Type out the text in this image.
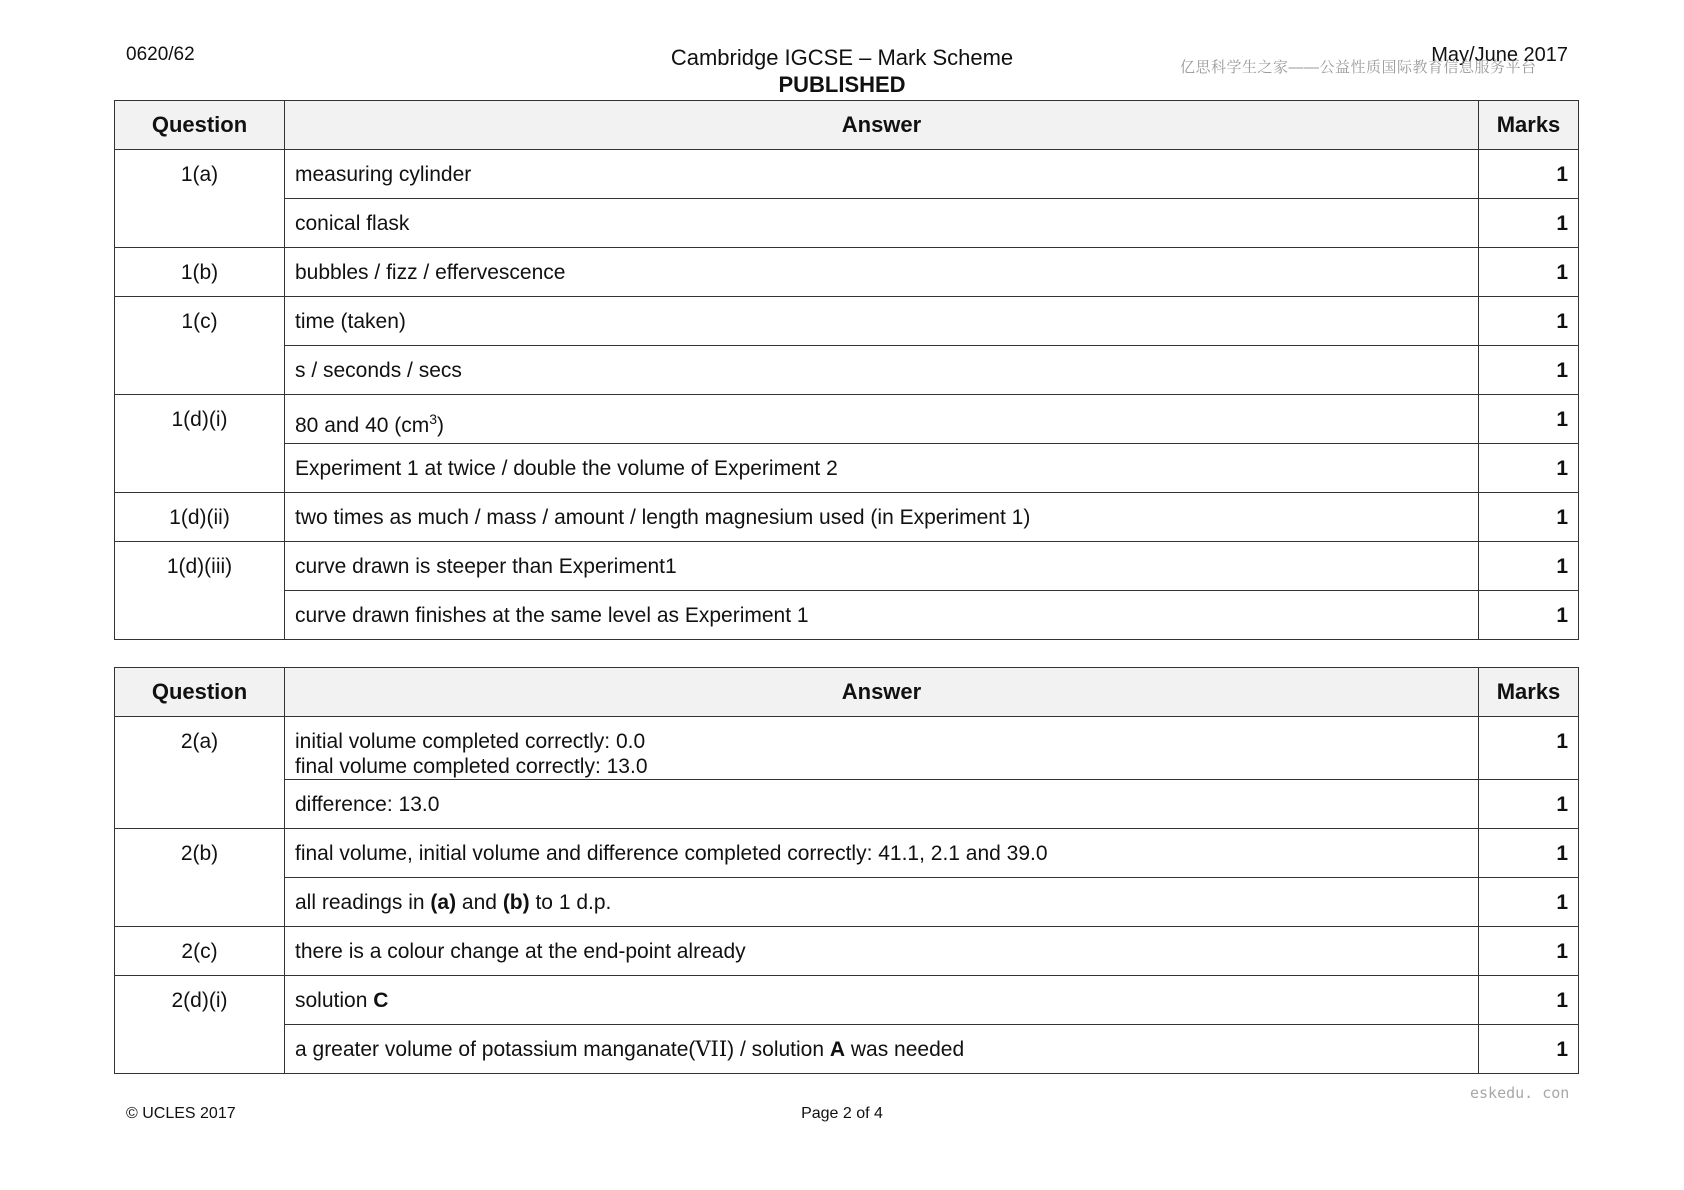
0620/62	Cambridge IGCSE – Mark Scheme
PUBLISHED
May/June 2017
亿思科学生之家——公益性质国际教育信息服务平台
Question	Answer	Marks
1(a)	measuring cylinder	1
	conical flask	1
1(b)	bubbles / fizz / effervescence	1
1(c)	time (taken)	1
	s / seconds / secs	1
1(d)(i)	80 and 40 $(cm^3)$	1
	Experiment 1 at twice / double the volume of Experiment 2	1
1(d)(ii)	two times as much / mass / amount / length magnesium used (in Experiment 1)	1
1(d)(iii)	curve drawn is steeper than Experiment1	1
	curve drawn finishes at the same level as Experiment 1	1
Question	Answer	Marks
2(a)	initial volume completed correctly: 0.0
final volume completed correctly: 13.0	1
	difference: 13.0	1
2(b)	final volume, initial volume and difference completed correctly: 41.1, 2.1 and 39.0	1
	all readings in (a) and (b) to 1 d.p.	1
2(c)	there is a colour change at the end-point already	1
2(d)(i)	solution C	1
	a greater volume of potassium manganate(VII) / solution A was needed	1
eskedu. con
© UCLES 2017	Page 2 of 4
